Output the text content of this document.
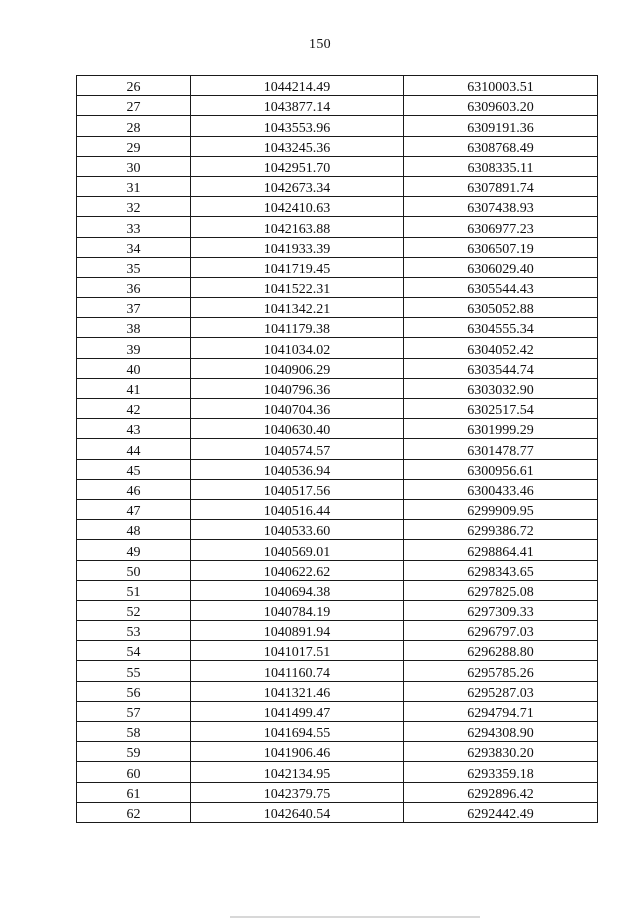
150
26	1044214.49	6310003.51
27	1043877.14	6309603.20
28	1043553.96	6309191.36
29	1043245.36	6308768.49
30	1042951.70	6308335.11
31	1042673.34	6307891.74
32	1042410.63	6307438.93
33	1042163.88	6306977.23
34	1041933.39	6306507.19
35	1041719.45	6306029.40
36	1041522.31	6305544.43
37	1041342.21	6305052.88
38	1041179.38	6304555.34
39	1041034.02	6304052.42
40	1040906.29	6303544.74
41	1040796.36	6303032.90
42	1040704.36	6302517.54
43	1040630.40	6301999.29
44	1040574.57	6301478.77
45	1040536.94	6300956.61
46	1040517.56	6300433.46
47	1040516.44	6299909.95
48	1040533.60	6299386.72
49	1040569.01	6298864.41
50	1040622.62	6298343.65
51	1040694.38	6297825.08
52	1040784.19	6297309.33
53	1040891.94	6296797.03
54	1041017.51	6296288.80
55	1041160.74	6295785.26
56	1041321.46	6295287.03
57	1041499.47	6294794.71
58	1041694.55	6294308.90
59	1041906.46	6293830.20
60	1042134.95	6293359.18
61	1042379.75	6292896.42
62	1042640.54	6292442.49
